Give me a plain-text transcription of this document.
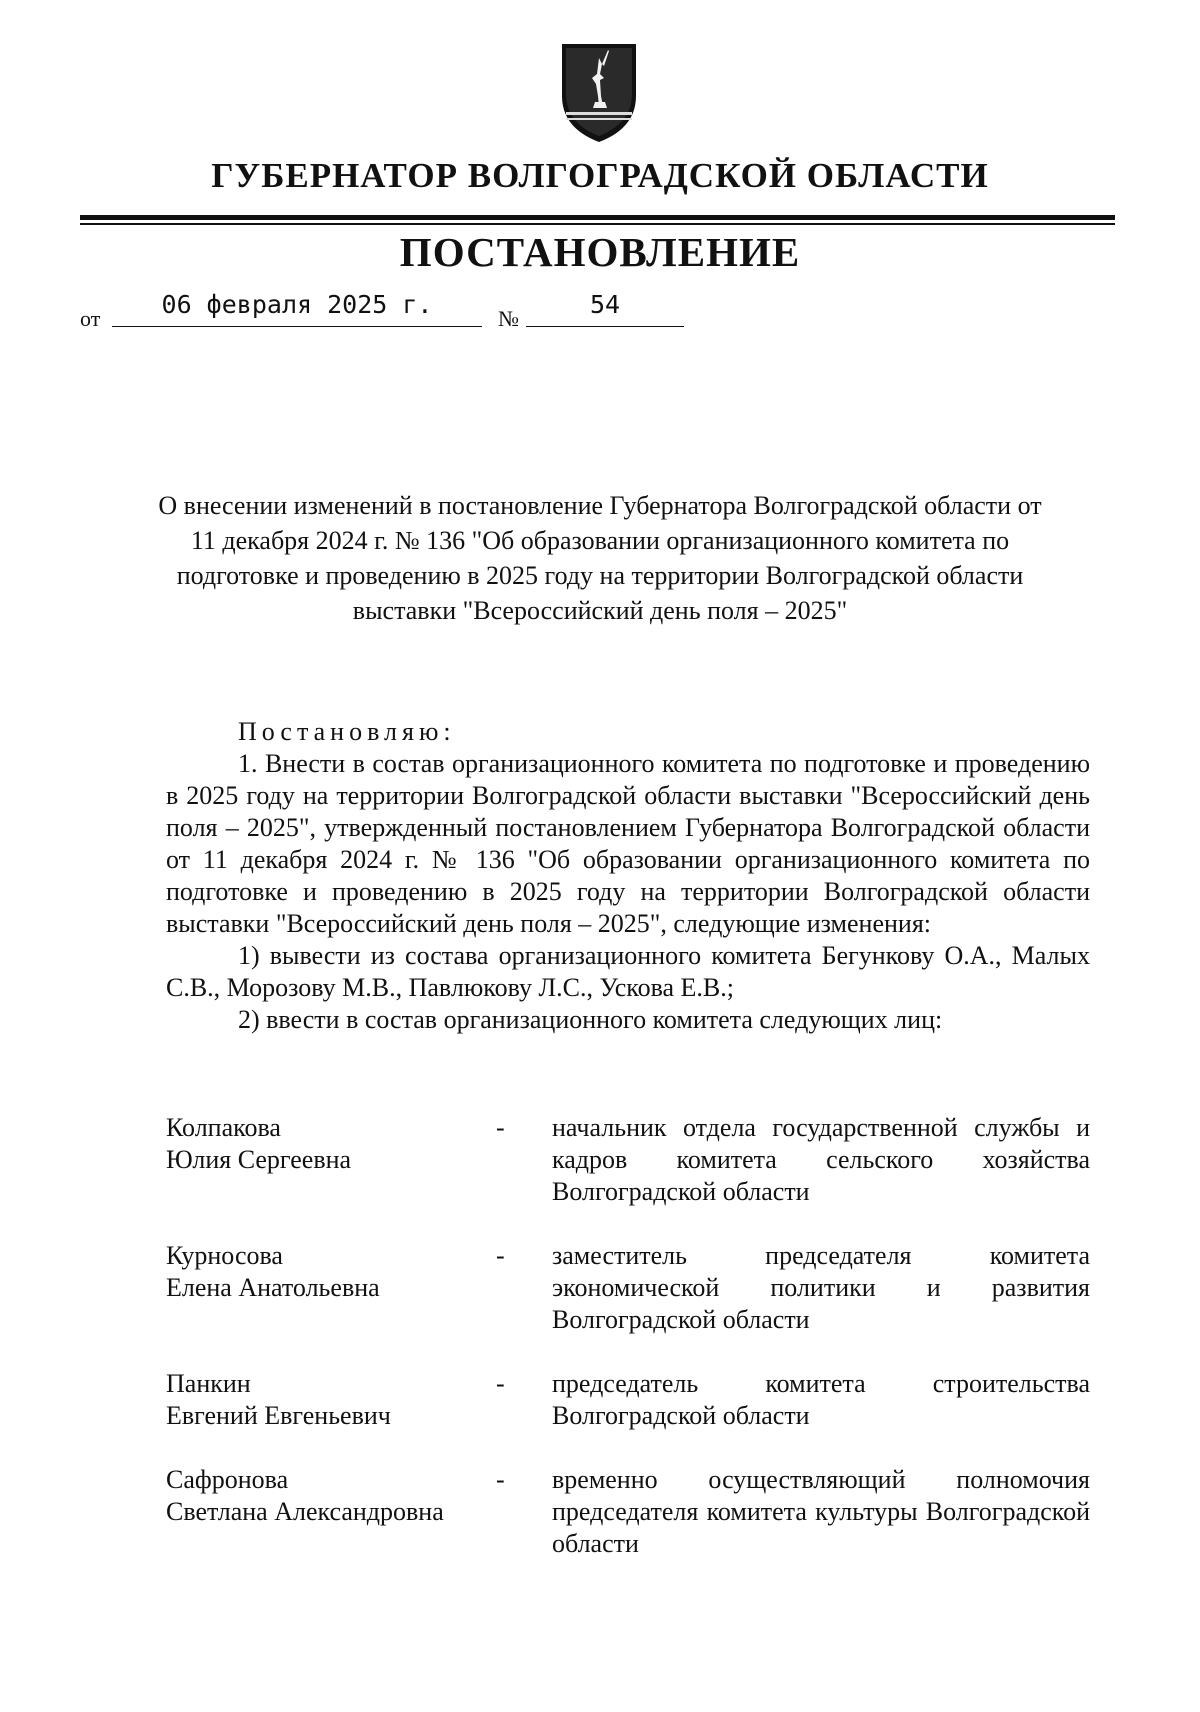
ГУБЕРНАТОР ВОЛГОГРАДСКОЙ ОБЛАСТИ
ПОСТАНОВЛЕНИЕ
от	06 февраля 2025 г.	№	54
О внесении изменений в постановление Губернатора Волгоградской области от 11 декабря 2024 г. № 136 "Об образовании организационного комитета по подготовке и проведению в 2025 году на территории Волгоградской области выставки "Всероссийский день поля – 2025"
Постановляю:

1. Внести в состав организационного комитета по подготовке и проведению в 2025 году на территории Волгоградской области выставки "Всероссийский день поля – 2025", утвержденный постановлением Губернатора Волгоградской области от 11 декабря 2024 г. № 136 "Об образовании организационного комитета по подготовке и проведению в 2025 году на территории Волгоградской области выставки "Всероссийский день поля – 2025", следующие изменения:

1) вывести из состава организационного комитета Бегункову О.А., Малых С.В., Морозову М.В., Павлюкову Л.С., Ускова Е.В.;

2) ввести в состав организационного комитета следующих лиц:

Колпакова
Юлия Сергеевна
-	начальник отдела государственной службы и кадров комитета сельского хозяйства Волгоградской области
Курносова
Елена Анатольевна
-	заместитель председателя комитета экономической политики и развития Волгоградской области
Панкин
Евгений Евгеньевич
-	председатель комитета строительства Волгоградской области
Сафронова
Светлана Александровна
-	временно осуществляющий полномочия председателя комитета культуры Волгоградской области
